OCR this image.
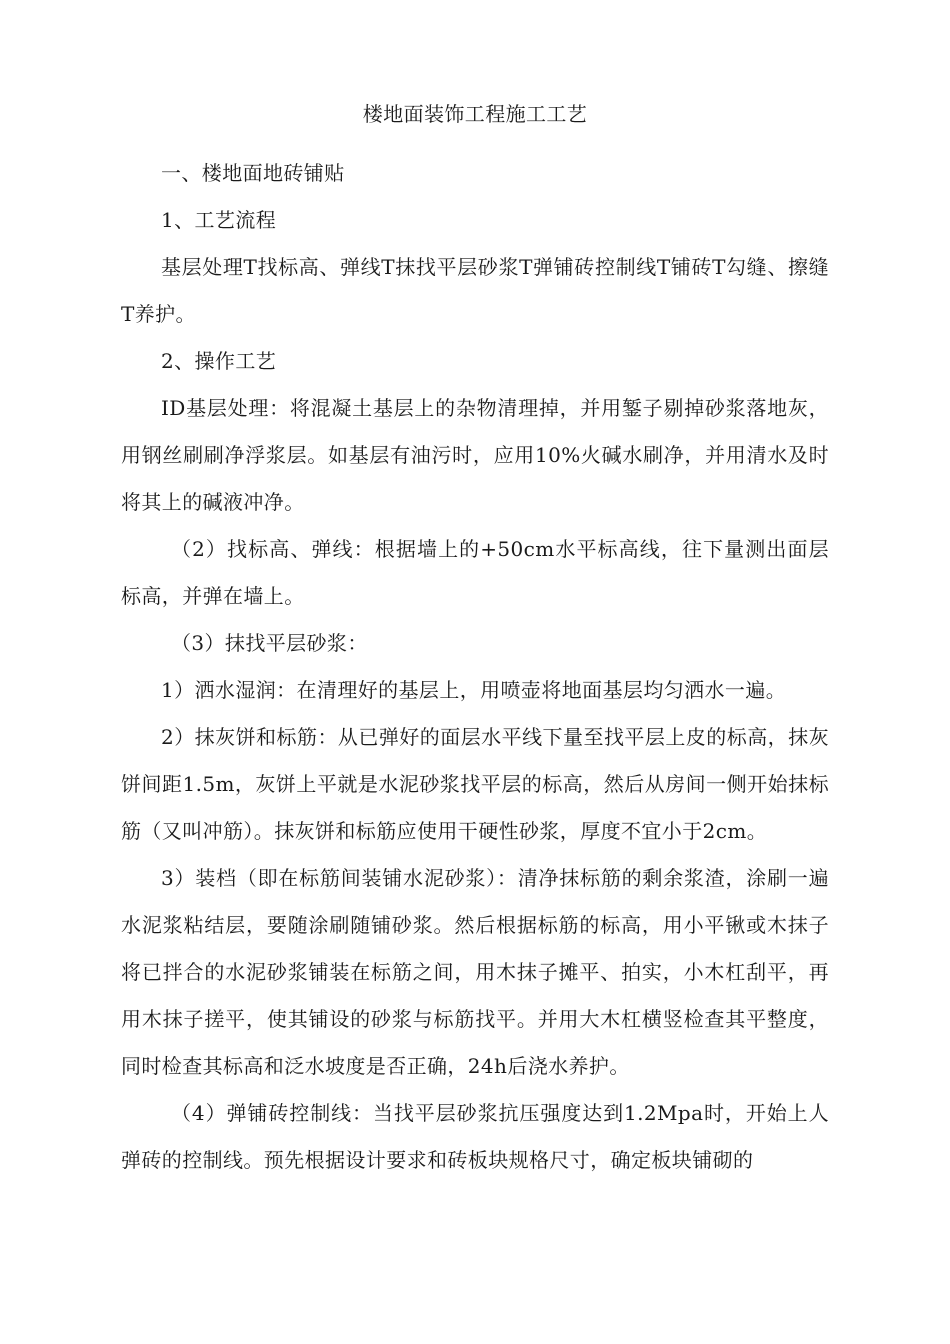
楼地面装饰工程施工工艺

一、楼地面地砖铺贴

1、工艺流程

基层处理T找标高、弹线T抹找平层砂浆T弹铺砖控制线T铺砖T勾缝、擦缝T养护。

2、操作工艺

ID基层处理：将混凝土基层上的杂物清理掉，并用錾子剔掉砂浆落地灰，用钢丝刷刷净浮浆层。如基层有油污时，应用10%火碱水刷净，并用清水及时将其上的碱液冲净。

（2）找标高、弹线：根据墙上的+50cm水平标高线，往下量测出面层标高，并弹在墙上。

（3）抹找平层砂浆：

1）洒水湿润：在清理好的基层上，用喷壶将地面基层均匀洒水一遍。

2）抹灰饼和标筋：从已弹好的面层水平线下量至找平层上皮的标高，抹灰饼间距1.5m，灰饼上平就是水泥砂浆找平层的标高，然后从房间一侧开始抹标筋（又叫冲筋）。抹灰饼和标筋应使用干硬性砂浆，厚度不宜小于2cm。

3）装档（即在标筋间装铺水泥砂浆）：清净抹标筋的剩余浆渣，涂刷一遍水泥浆粘结层，要随涂刷随铺砂浆。然后根据标筋的标高，用小平锹或木抹子将已拌合的水泥砂浆铺装在标筋之间，用木抹子摊平、拍实，小木杠刮平，再用木抹子搓平，使其铺设的砂浆与标筋找平。并用大木杠横竖检查其平整度，同时检查其标高和泛水坡度是否正确，24h后浇水养护。

（4）弹铺砖控制线：当找平层砂浆抗压强度达到1.2Mpa时，开始上人弹砖的控制线。预先根据设计要求和砖板块规格尺寸，确定板块铺砌的
